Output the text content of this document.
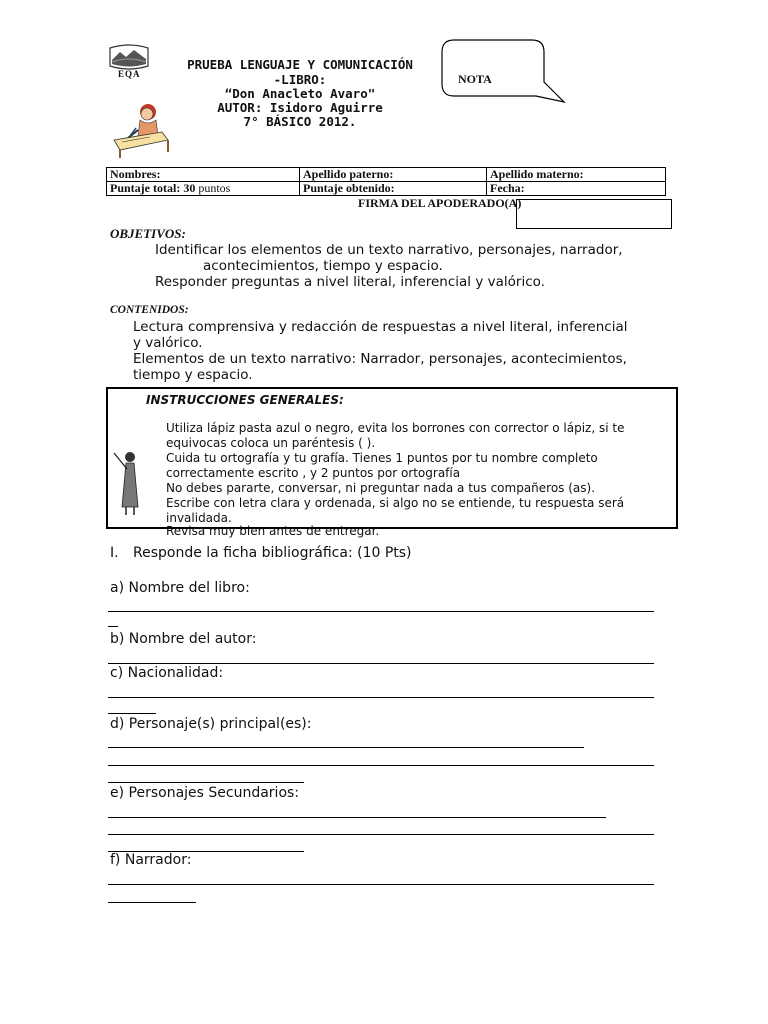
EQA
PRUEBA LENGUAJE Y COMUNICACIÓN
-LIBRO:
“Don Anacleto Avaro"
AUTOR: Isidoro Aguirre
7° BÁSICO 2012.
NOTA
Nombres:	Apellido paterno:	Apellido materno:
Puntaje total: 30 puntos	Puntaje obtenido:	Fecha:
FIRMA DEL APODERADO(A)
OBJETIVOS:
Identificar los elementos de un texto narrativo, personajes, narrador,
acontecimientos, tiempo y espacio.
Responder preguntas a nivel literal, inferencial y valórico.
CONTENIDOS:
Lectura comprensiva y redacción de respuestas a nivel literal, inferencial
y valórico.
Elementos de un texto narrativo: Narrador, personajes, acontecimientos,
tiempo y espacio.
INSTRUCCIONES GENERALES:
Utiliza lápiz pasta azul o negro, evita los borrones con corrector o lápiz, si te
equivocas coloca un paréntesis ( ).
Cuida tu ortografía y tu grafía. Tienes 1 puntos por tu nombre completo
correctamente escrito , y 2 puntos por ortografía
No debes pararte, conversar, ni preguntar nada a tus compañeros (as).
Escribe con letra clara y ordenada, si algo no se entiende, tu respuesta será
invalidada.
Revisa muy bien antes de entregar.
I. Responde la ficha bibliográfica: (10 Pts)
a) Nombre del libro:
b) Nombre del autor:
c) Nacionalidad:
d) Personaje(s) principal(es):
e) Personajes Secundarios:
f) Narrador:
